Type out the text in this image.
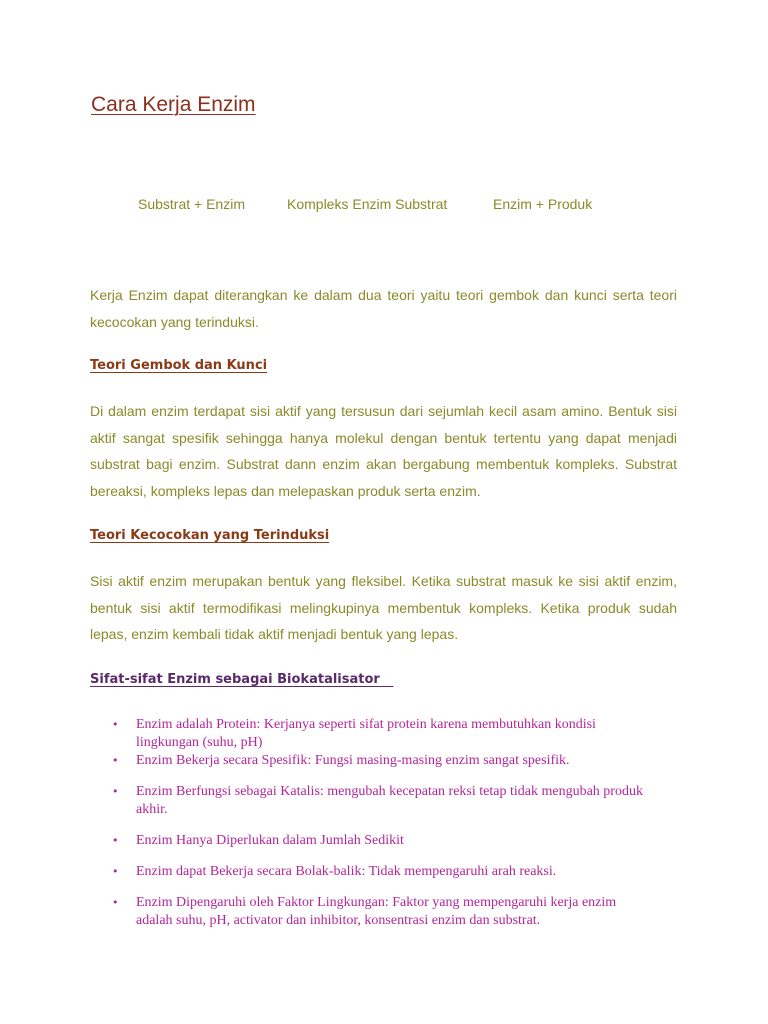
Cara Kerja Enzim
Substrat + Enzim	Kompleks Enzim Substrat	Enzim + Produk

Kerja Enzim dapat diterangkan ke dalam dua teori yaitu teori gembok dan kunci serta teori kecocokan yang terinduksi.

Teori Gembok dan Kunci

Di dalam enzim terdapat sisi aktif yang tersusun dari sejumlah kecil asam amino. Bentuk sisi aktif sangat spesifik sehingga hanya molekul dengan bentuk tertentu yang dapat menjadi substrat bagi enzim. Substrat dann enzim akan bergabung membentuk kompleks. Substrat bereaksi, kompleks lepas dan melepaskan produk serta enzim.

Teori Kecocokan yang Terinduksi

Sisi aktif enzim merupakan bentuk yang fleksibel. Ketika substrat masuk ke sisi aktif enzim, bentuk sisi aktif termodifikasi melingkupinya membentuk kompleks. Ketika produk sudah lepas, enzim kembali tidak aktif menjadi bentuk yang lepas.

Sifat-sifat Enzim sebagai Biokatalisator
• Enzim adalah Protein: Kerjanya seperti sifat protein karena membutuhkan kondisi lingkungan (suhu, pH)
• Enzim Bekerja secara Spesifik: Fungsi masing-masing enzim sangat spesifik.
• Enzim Berfungsi sebagai Katalis: mengubah kecepatan reksi tetap tidak mengubah produk akhir.
• Enzim Hanya Diperlukan dalam Jumlah Sedikit
• Enzim dapat Bekerja secara Bolak-balik: Tidak mempengaruhi arah reaksi.
• Enzim Dipengaruhi oleh Faktor Lingkungan: Faktor yang mempengaruhi kerja enzim adalah suhu, pH, activator dan inhibitor, konsentrasi enzim dan substrat.
